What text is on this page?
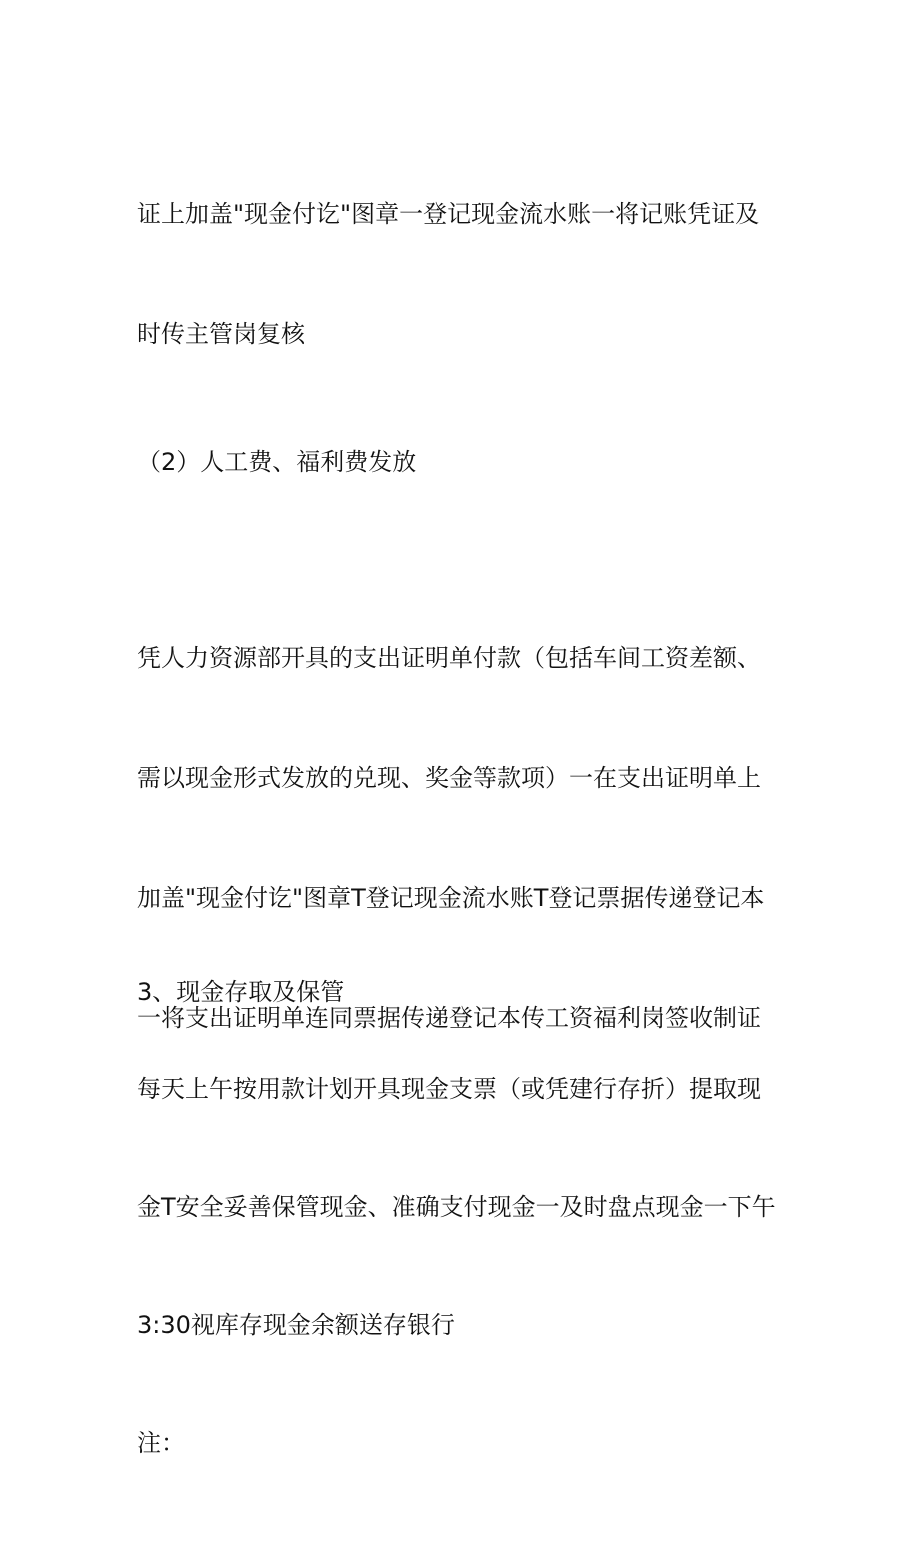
证上加盖"现金付讫"图章一登记现金流水账一将记账凭证及

时传主管岗复核

（2）人工费、福利费发放

凭人力资源部开具的支出证明单付款（包括车间工资差额、

需以现金形式发放的兑现、奖金等款项）一在支出证明单上

加盖"现金付讫"图章T登记现金流水账T登记票据传递登记本

一将支出证明单连同票据传递登记本传工资福利岗签收制证

3、现金存取及保管

每天上午按用款计划开具现金支票（或凭建行存折）提取现

金T安全妥善保管现金、准确支付现金一及时盘点现金一下午

3:30视库存现金余额送存银行

注：
